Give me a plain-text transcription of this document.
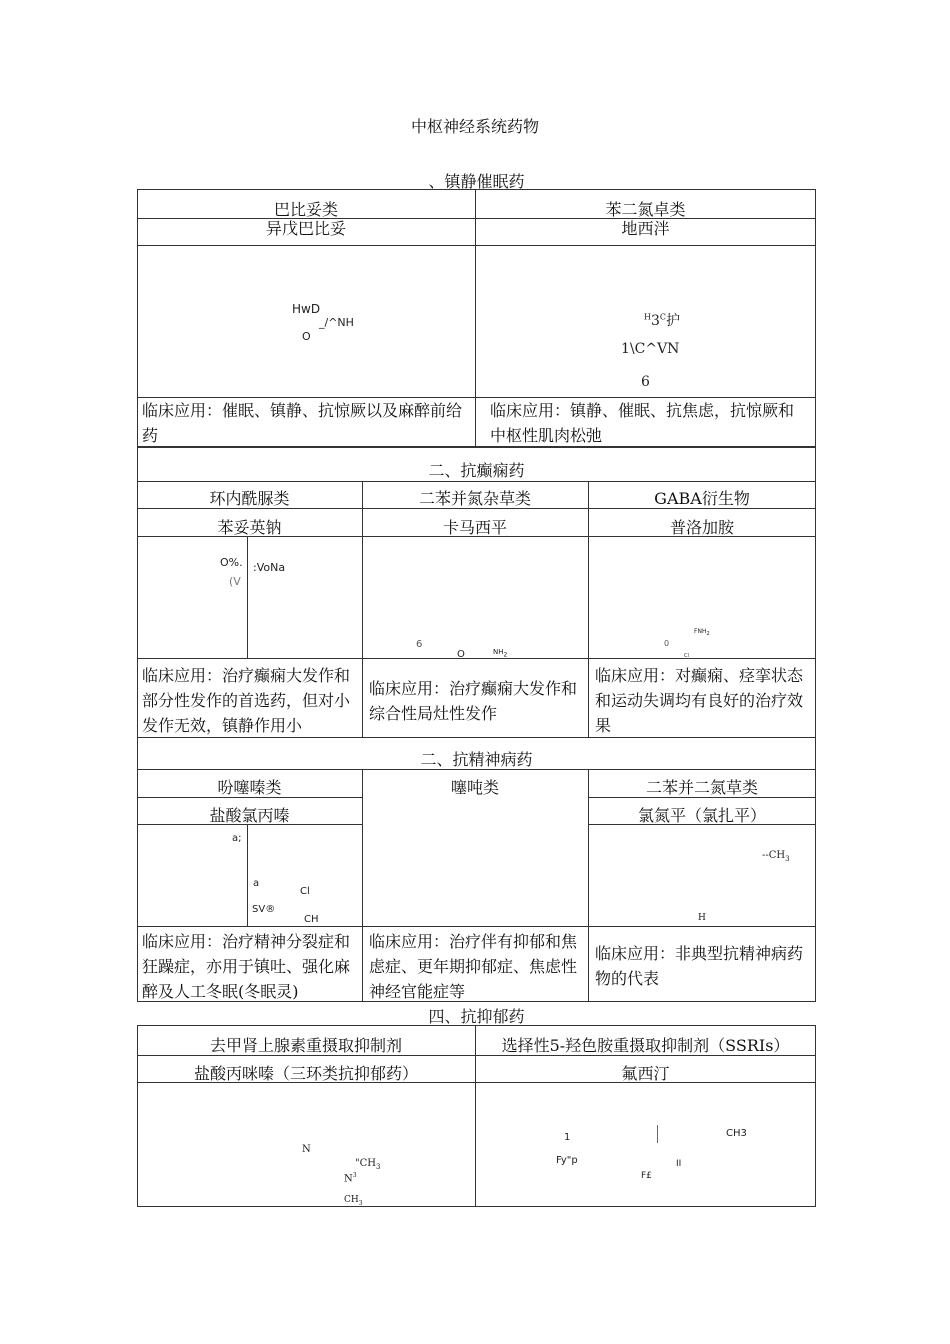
中枢神经系统药物
、镇静催眠药
巴比妥类	苯二氮卓类
异戊巴比妥	地西泮
HwD
_/^NH
O
$^H3^C$护
1\C^VN
6
临床应用：催眠、镇静、抗惊厥以及麻醉前给药
临床应用：镇静、催眠、抗焦虑，抗惊厥和中枢性肌肉松弛
二、抗癫痫药
环内酰脲类	二苯并氮杂草类	GABA衍生物
苯妥英钠	卡马西平	普洛加胺
O%.
(V
:VoNa
6
O	$NH_2$
$FNH_2$
0
Cl
临床应用：治疗癫痫大发作和部分性发作的首选药，但对小发作无效，镇静作用小
临床应用：治疗癫痫大发作和综合性局灶性发作
临床应用：对癫痫、痉挛状态和运动失调均有良好的治疗效果
二、抗精神病药
吩噻嗪类	噻吨类	二苯并二氮草类
盐酸氯丙嗪	氯氮平（氯扎平）
a;
a
Cl
SV®
CH
$--CH_3$
H
临床应用：治疗精神分裂症和狂躁症，亦用于镇吐、强化麻醉及人工冬眠(冬眠灵)
临床应用：治疗伴有抑郁和焦虑症、更年期抑郁症、焦虑性神经官能症等
临床应用：非典型抗精神病药物的代表
四、抗抑郁药
去甲肾上腺素重摄取抑制剂	选择性5-羟色胺重摄取抑制剂（SSRIs）
盐酸丙咪嗪（三环类抗抑郁药）	氟西汀
N
"$CH_3$
$N^3$
$CH_3$
1	CH3
Fy"p	II
F£
